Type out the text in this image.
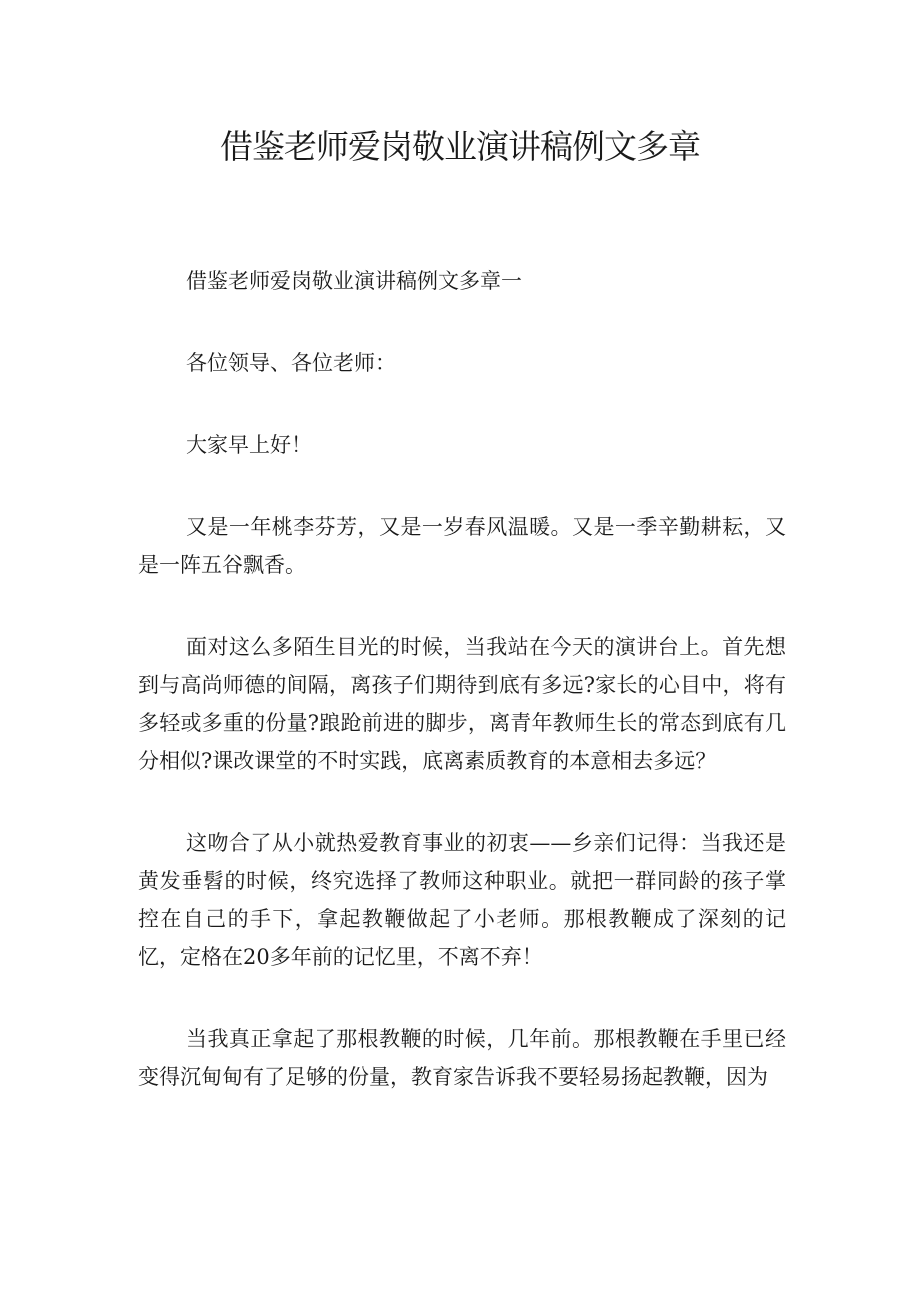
借鉴老师爱岗敬业演讲稿例文多章

借鉴老师爱岗敬业演讲稿例文多章一

各位领导、各位老师：

大家早上好！

又是一年桃李芬芳，又是一岁春风温暖。又是一季辛勤耕耘，又是一阵五谷飘香。

面对这么多陌生目光的时候，当我站在今天的演讲台上。首先想到与高尚师德的间隔，离孩子们期待到底有多远?家长的心目中，将有多轻或多重的份量?踉跄前进的脚步，离青年教师生长的常态到底有几分相似?课改课堂的不时实践，底离素质教育的本意相去多远？

这吻合了从小就热爱教育事业的初衷——乡亲们记得：当我还是黄发垂髫的时候，终究选择了教师这种职业。就把一群同龄的孩子掌控在自己的手下，拿起教鞭做起了小老师。那根教鞭成了深刻的记忆，定格在20多年前的记忆里，不离不弃！

当我真正拿起了那根教鞭的时候，几年前。那根教鞭在手里已经变得沉甸甸有了足够的份量，教育家告诉我不要轻易扬起教鞭，因为
